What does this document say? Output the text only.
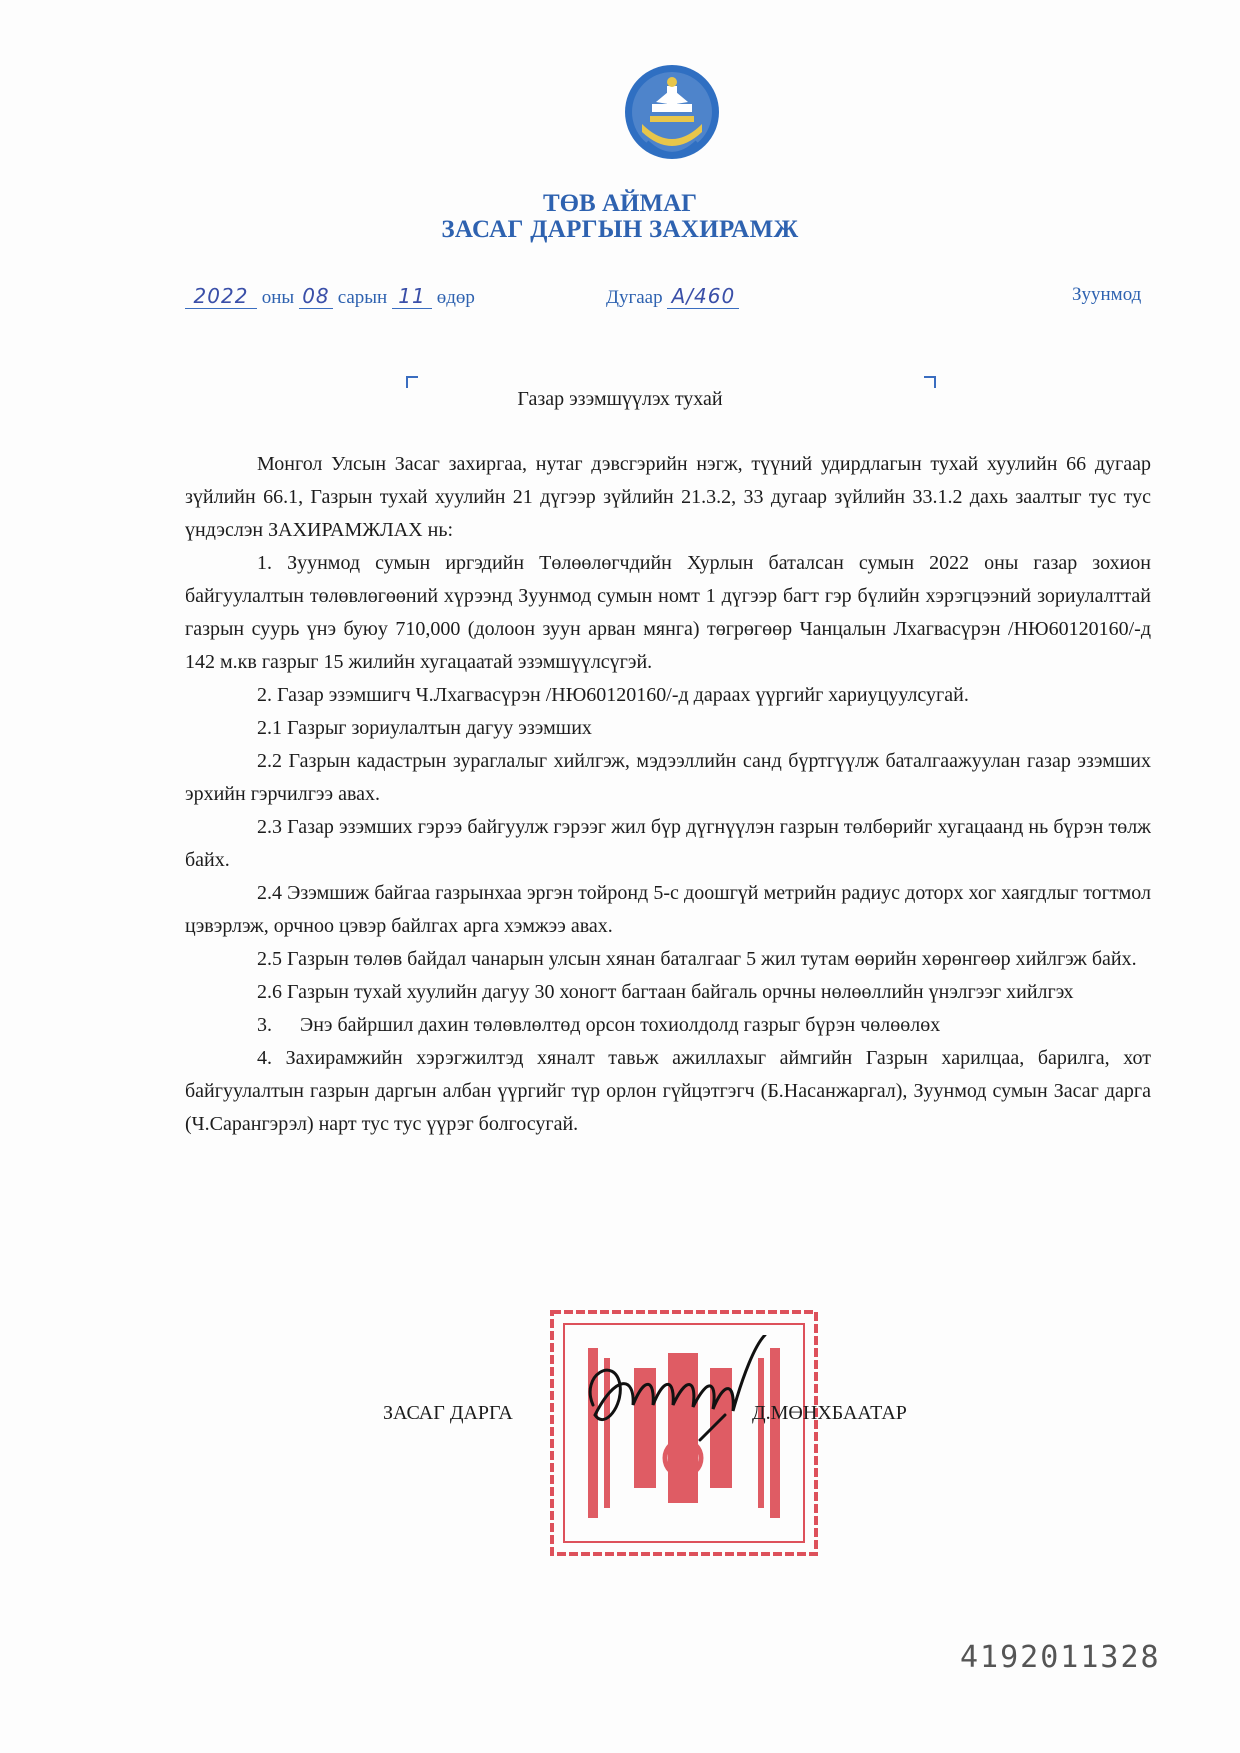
ТӨВ АЙМАГ
ЗАСАГ ДАРГЫН ЗАХИРАМЖ
2022 оны 08 сарын 11 өдөр	Дугаар А/460	Зуунмод
Газар эзэмшүүлэх тухай

Монгол Улсын Засаг захиргаа, нутаг дэвсгэрийн нэгж, түүний удирдлагын тухай хуулийн 66 дугаар зүйлийн 66.1, Газрын тухай хуулийн 21 дүгээр зүйлийн 21.3.2, 33 дугаар зүйлийн 33.1.2 дахь заалтыг тус тус үндэслэн ЗАХИРАМЖЛАХ нь:

1. Зуунмод сумын иргэдийн Төлөөлөгчдийн Хурлын баталсан сумын 2022 оны газар зохион байгуулалтын төлөвлөгөөний хүрээнд Зуунмод сумын номт 1 дүгээр багт гэр бүлийн хэрэгцээний зориулалттай газрын суурь үнэ буюу 710,000 (долоон зуун арван мянга) төгрөгөөр Чанцалын Лхагвасүрэн /НЮ60120160/-д 142 м.кв газрыг 15 жилийн хугацаатай эзэмшүүлсүгэй.

2. Газар эзэмшигч Ч.Лхагвасүрэн /НЮ60120160/-д дараах үүргийг хариуцуулсугай.

2.1 Газрыг зориулалтын дагуу эзэмших

2.2 Газрын кадастрын зураглалыг хийлгэж, мэдээллийн санд бүртгүүлж баталгаажуулан газар эзэмших эрхийн гэрчилгээ авах.

2.3 Газар эзэмших гэрээ байгуулж гэрээг жил бүр дүгнүүлэн газрын төлбөрийг хугацаанд нь бүрэн төлж байх.

2.4 Эзэмшиж байгаа газрынхаа эргэн тойронд 5-с доошгүй метрийн радиус доторх хог хаягдлыг тогтмол цэвэрлэж, орчноо цэвэр байлгах арга хэмжээ авах.

2.5 Газрын төлөв байдал чанарын улсын хянан баталгааг 5 жил тутам өөрийн хөрөнгөөр хийлгэж байх.

2.6 Газрын тухай хуулийн дагуу 30 хоногт багтаан байгаль орчны нөлөөллийн үнэлгээг хийлгэх

3. Энэ байршил дахин төлөвлөлтөд орсон тохиолдолд газрыг бүрэн чөлөөлөх

4. Захирамжийн хэрэгжилтэд хяналт тавьж ажиллахыг аймгийн Газрын харилцаа, барилга, хот байгуулалтын газрын даргын албан үүргийг түр орлон гүйцэтгэгч (Б.Насанжаргал), Зуунмод сумын Засаг дарга (Ч.Сарангэрэл) нарт тус тус үүрэг болгосугай.

ЗАСАГ ДАРГА	Д.МӨНХБААТАР
4192011328
